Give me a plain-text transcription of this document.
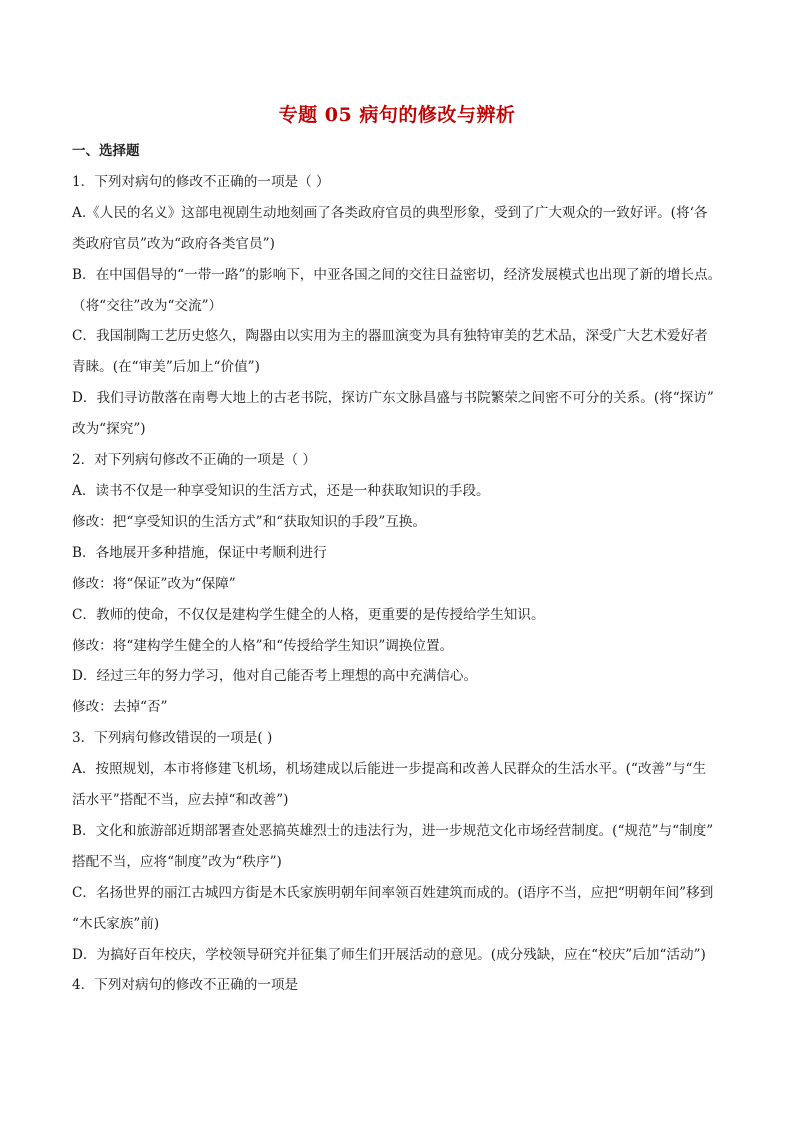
专题 05 病句的修改与辨析
一、选择题
1．下列对病句的修改不正确的一项是（ ）
A.《人民的名义》这部电视剧生动地刻画了各类政府官员的典型形象，受到了广大观众的一致好评。(将‘各
类政府官员”改为“政府各类官员”)
B．在中国倡导的“一带一路”的影响下，中亚各国之间的交往日益密切，经济发展模式也出现了新的增长点。
（将“交往”改为“交流”）
C．我国制陶工艺历史悠久，陶器由以实用为主的器皿演变为具有独特审美的艺术品，深受广大艺术爱好者
青睐。(在“审美”后加上“价值”)
D．我们寻访散落在南粤大地上的古老书院，探访广东文脉昌盛与书院繁荣之间密不可分的关系。(将“探访”
改为“探究”)
2．对下列病句修改不正确的一项是（ ）
A．读书不仅是一种享受知识的生活方式，还是一种获取知识的手段。
修改：把“享受知识的生活方式”和“获取知识的手段”互换。
B．各地展开多种措施，保证中考顺利进行
修改：将“保证”改为“保障”
C．教师的使命，不仅仅是建构学生健全的人格，更重要的是传授给学生知识。
修改：将“建构学生健全的人格”和“传授给学生知识”调换位置。
D．经过三年的努力学习，他对自己能否考上理想的高中充满信心。
修改：去掉“否”
3．下列病句修改错误的一项是( )
A．按照规划，本市将修建飞机场，机场建成以后能进一步提高和改善人民群众的生活水平。(“改善”与“生
活水平”搭配不当，应去掉“和改善”)
B．文化和旅游部近期部署查处恶搞英雄烈士的违法行为，进一步规范文化市场经营制度。(“规范”与“制度”
搭配不当，应将“制度”改为“秩序”)
C．名扬世界的丽江古城四方街是木氏家族明朝年间率领百姓建筑而成的。(语序不当，应把“明朝年间”移到
“木氏家族”前)
D．为搞好百年校庆，学校领导研究并征集了师生们开展活动的意见。(成分残缺，应在“校庆”后加“活动”)
4．下列对病句的修改不正确的一项是
